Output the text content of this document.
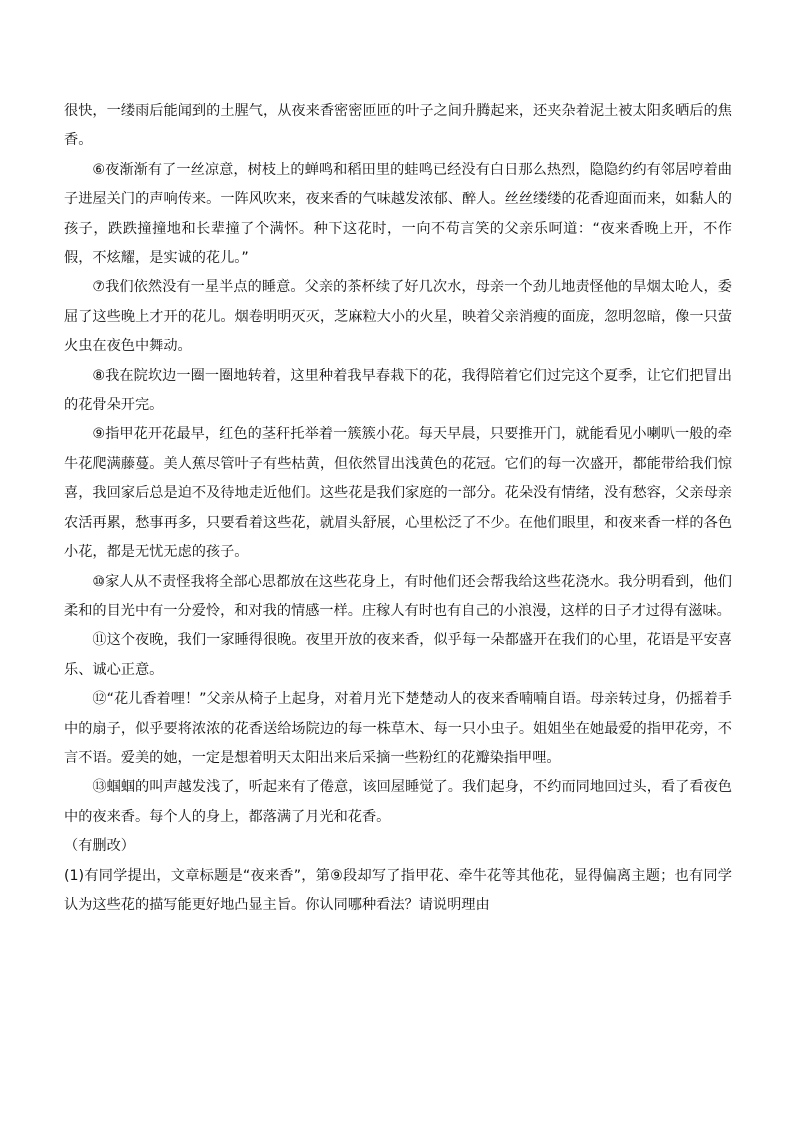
很快，一缕雨后能闻到的土腥气，从夜来香密密匝匝的叶子之间升腾起来，还夹杂着泥土被太阳炙晒后的焦香。

⑥夜渐渐有了一丝凉意，树枝上的蝉鸣和稻田里的蛙鸣已经没有白日那么热烈，隐隐约约有邻居哼着曲子进屋关门的声响传来。一阵风吹来，夜来香的气味越发浓郁、醉人。丝丝缕缕的花香迎面而来，如黏人的孩子，跌跌撞撞地和长辈撞了个满怀。种下这花时，一向不苟言笑的父亲乐呵道：“夜来香晚上开，不作假，不炫耀，是实诚的花儿。”

⑦我们依然没有一星半点的睡意。父亲的茶杯续了好几次水，母亲一个劲儿地责怪他的旱烟太呛人，委屈了这些晚上才开的花儿。烟卷明明灭灭，芝麻粒大小的火星，映着父亲消瘦的面庞，忽明忽暗，像一只萤火虫在夜色中舞动。

⑧我在院坎边一圈一圈地转着，这里种着我早春栽下的花，我得陪着它们过完这个夏季，让它们把冒出的花骨朵开完。

⑨指甲花开花最早，红色的茎秆托举着一簇簇小花。每天早晨，只要推开门，就能看见小喇叭一般的牵牛花爬满藤蔓。美人蕉尽管叶子有些枯黄，但依然冒出浅黄色的花冠。它们的每一次盛开，都能带给我们惊喜，我回家后总是迫不及待地走近他们。这些花是我们家庭的一部分。花朵没有情绪，没有愁容，父亲母亲农活再累，愁事再多，只要看着这些花，就眉头舒展，心里松泛了不少。在他们眼里，和夜来香一样的各色小花，都是无忧无虑的孩子。

⑩家人从不责怪我将全部心思都放在这些花身上，有时他们还会帮我给这些花浇水。我分明看到，他们柔和的目光中有一分爱怜，和对我的情感一样。庄稼人有时也有自己的小浪漫，这样的日子才过得有滋味。

⑪这个夜晚，我们一家睡得很晚。夜里开放的夜来香，似乎每一朵都盛开在我们的心里，花语是平安喜乐、诚心正意。

⑫“花儿香着哩！”父亲从椅子上起身，对着月光下楚楚动人的夜来香喃喃自语。母亲转过身，仍摇着手中的扇子，似乎要将浓浓的花香送给场院边的每一株草木、每一只小虫子。姐姐坐在她最爱的指甲花旁，不言不语。爱美的她，一定是想着明天太阳出来后采摘一些粉红的花瓣染指甲哩。

⑬蝈蝈的叫声越发浅了，听起来有了倦意，该回屋睡觉了。我们起身，不约而同地回过头，看了看夜色中的夜来香。每个人的身上，都落满了月光和花香。

（有删改）

(1)有同学提出，文章标题是“夜来香”，第⑨段却写了指甲花、牵牛花等其他花，显得偏离主题；也有同学认为这些花的描写能更好地凸显主旨。你认同哪种看法？请说明理由
